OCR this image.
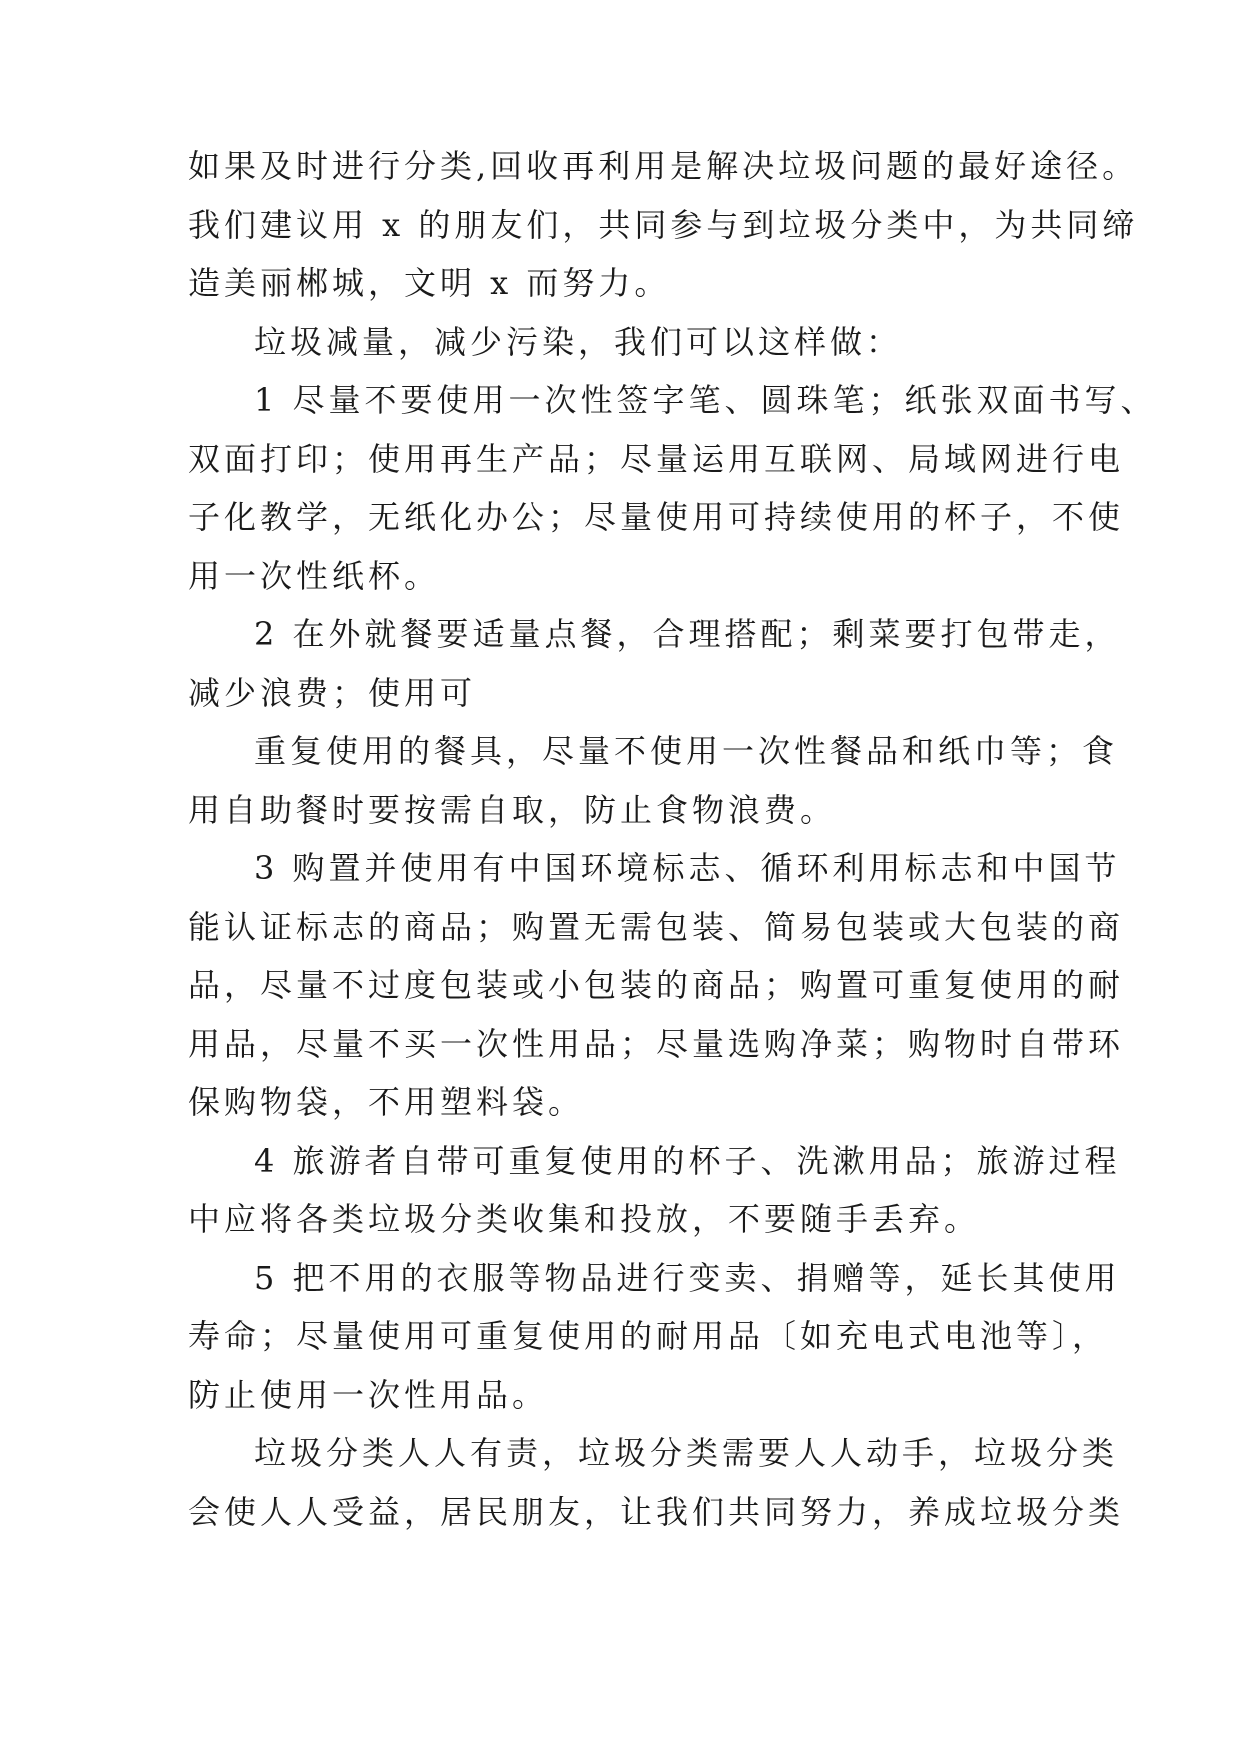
如果及时进行分类,回收再利用是解决垃圾问题的最好途径。
我们建议用 x 的朋友们，共同参与到垃圾分类中，为共同缔
造美丽郴城，文明 x 而努力。
垃圾减量，减少污染，我们可以这样做：
1 尽量不要使用一次性签字笔、圆珠笔；纸张双面书写、
双面打印；使用再生产品；尽量运用互联网、局域网进行电
子化教学，无纸化办公；尽量使用可持续使用的杯子，不使
用一次性纸杯。
2 在外就餐要适量点餐，合理搭配；剩菜要打包带走，
减少浪费；使用可
重复使用的餐具，尽量不使用一次性餐品和纸巾等；食
用自助餐时要按需自取，防止食物浪费。
3 购置并使用有中国环境标志、循环利用标志和中国节
能认证标志的商品；购置无需包装、简易包装或大包装的商
品，尽量不过度包装或小包装的商品；购置可重复使用的耐
用品，尽量不买一次性用品；尽量选购净菜；购物时自带环
保购物袋，不用塑料袋。
4 旅游者自带可重复使用的杯子、洗漱用品；旅游过程
中应将各类垃圾分类收集和投放，不要随手丢弃。
5 把不用的衣服等物品进行变卖、捐赠等，延长其使用
寿命；尽量使用可重复使用的耐用品〔如充电式电池等〕，
防止使用一次性用品。
垃圾分类人人有责，垃圾分类需要人人动手，垃圾分类
会使人人受益，居民朋友，让我们共同努力，养成垃圾分类
